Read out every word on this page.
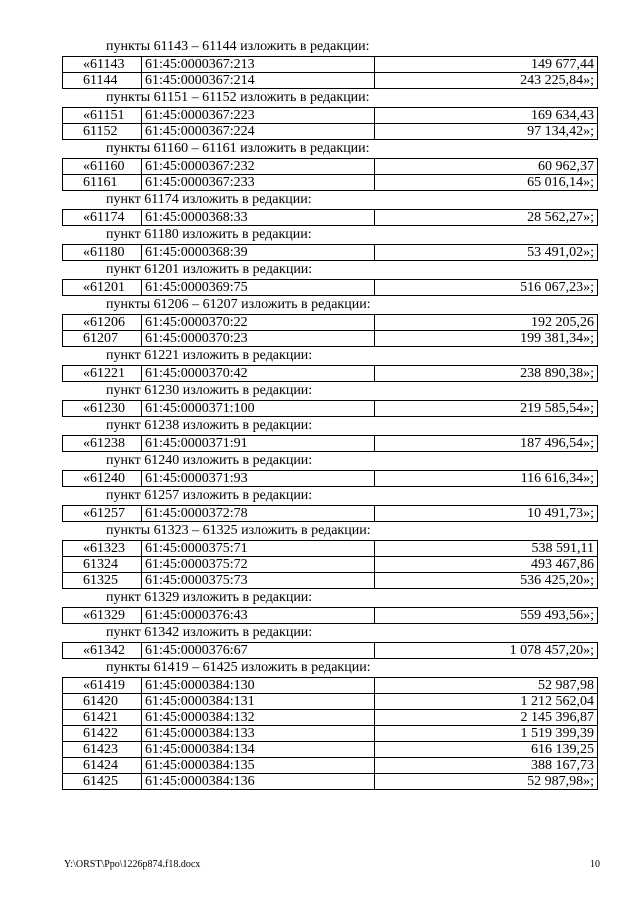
пункты 61143 – 61144 изложить в редакции:
«61143	61:45:0000367:213	149 677,44
61144	61:45:0000367:214	243 225,84»;
пункты 61151 – 61152 изложить в редакции:
«61151	61:45:0000367:223	169 634,43
61152	61:45:0000367:224	97 134,42»;
пункты 61160 – 61161 изложить в редакции:
«61160	61:45:0000367:232	60 962,37
61161	61:45:0000367:233	65 016,14»;
пункт 61174 изложить в редакции:
«61174	61:45:0000368:33	28 562,27»;
пункт 61180 изложить в редакции:
«61180	61:45:0000368:39	53 491,02»;
пункт 61201 изложить в редакции:
«61201	61:45:0000369:75	516 067,23»;
пункты 61206 – 61207 изложить в редакции:
«61206	61:45:0000370:22	192 205,26
61207	61:45:0000370:23	199 381,34»;
пункт 61221 изложить в редакции:
«61221	61:45:0000370:42	238 890,38»;
пункт 61230 изложить в редакции:
«61230	61:45:0000371:100	219 585,54»;
пункт 61238 изложить в редакции:
«61238	61:45:0000371:91	187 496,54»;
пункт 61240 изложить в редакции:
«61240	61:45:0000371:93	116 616,34»;
пункт 61257 изложить в редакции:
«61257	61:45:0000372:78	10 491,73»;
пункты 61323 – 61325 изложить в редакции:
«61323	61:45:0000375:71	538 591,11
61324	61:45:0000375:72	493 467,86
61325	61:45:0000375:73	536 425,20»;
пункт 61329 изложить в редакции:
«61329	61:45:0000376:43	559 493,56»;
пункт 61342 изложить в редакции:
«61342	61:45:0000376:67	1 078 457,20»;
пункты 61419 – 61425 изложить в редакции:
«61419	61:45:0000384:130	52 987,98
61420	61:45:0000384:131	1 212 562,04
61421	61:45:0000384:132	2 145 396,87
61422	61:45:0000384:133	1 519 399,39
61423	61:45:0000384:134	616 139,25
61424	61:45:0000384:135	388 167,73
61425	61:45:0000384:136	52 987,98»;
Y:\ORST\Ppo\1226p874.f18.docx	10
